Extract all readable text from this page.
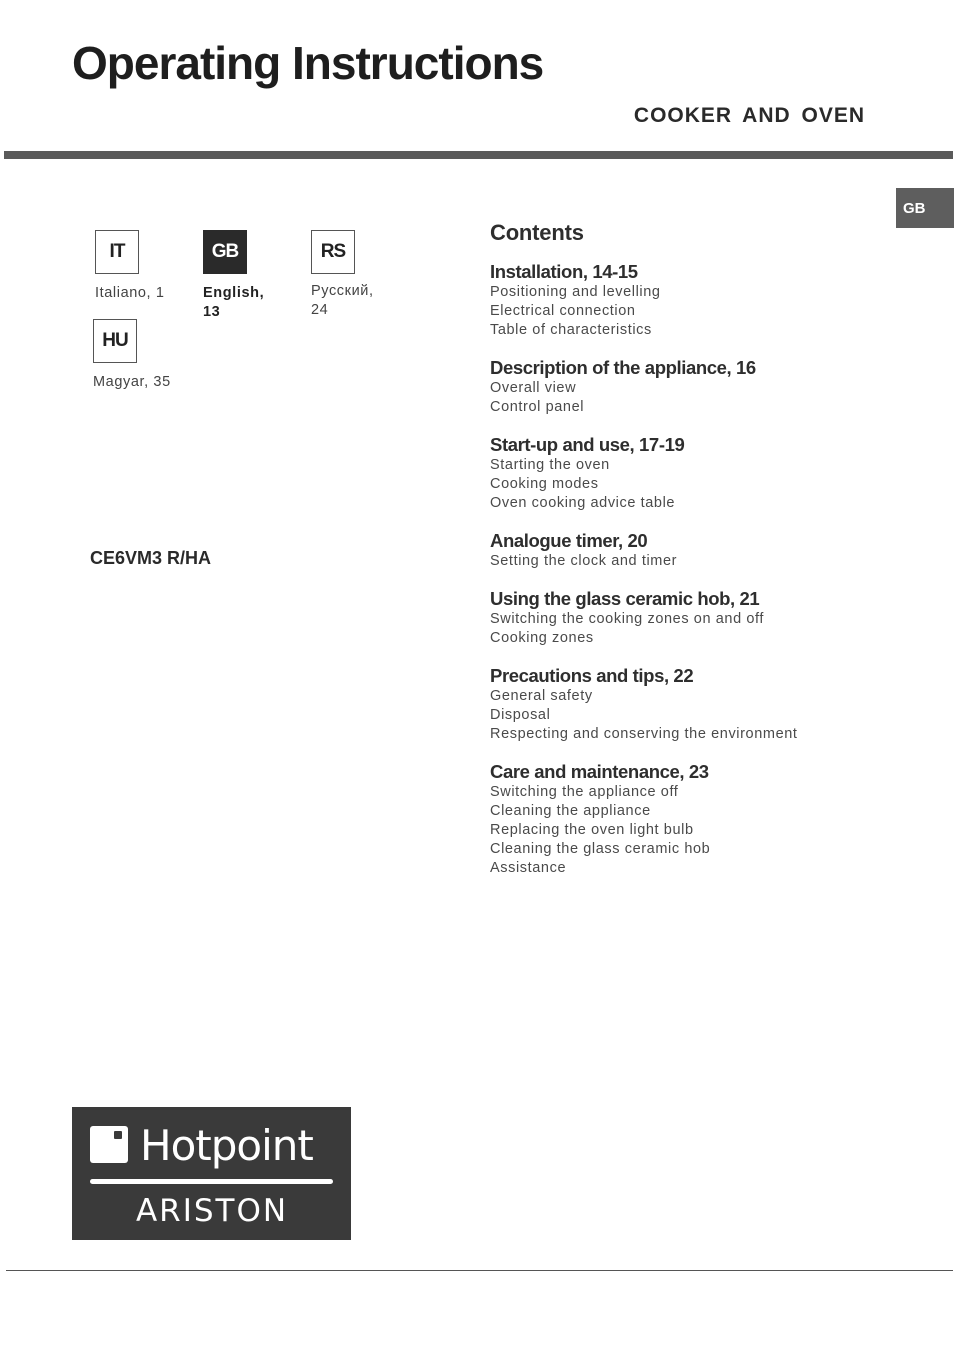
Operating Instructions
COOKER AND OVEN
GB
IT
Italiano, 1
GB
English, 13
RS
Русский, 24
HU
Magyar, 35
CE6VM3 R/HA
Contents
Installation, 14-15
Positioning and levelling
Electrical connection
Table of characteristics
Description of the appliance, 16
Overall view
Control panel
Start-up and use, 17-19
Starting the oven
Cooking modes
Oven cooking advice table
Analogue timer, 20
Setting the clock and timer
Using the glass ceramic hob, 21
Switching the cooking zones on and off
Cooking zones
Precautions and tips, 22
General safety
Disposal
Respecting and conserving the environment
Care and maintenance, 23
Switching the appliance off
Cleaning the appliance
Replacing the oven light bulb
Cleaning the glass ceramic hob
Assistance
Hotpoint
ARISTON
